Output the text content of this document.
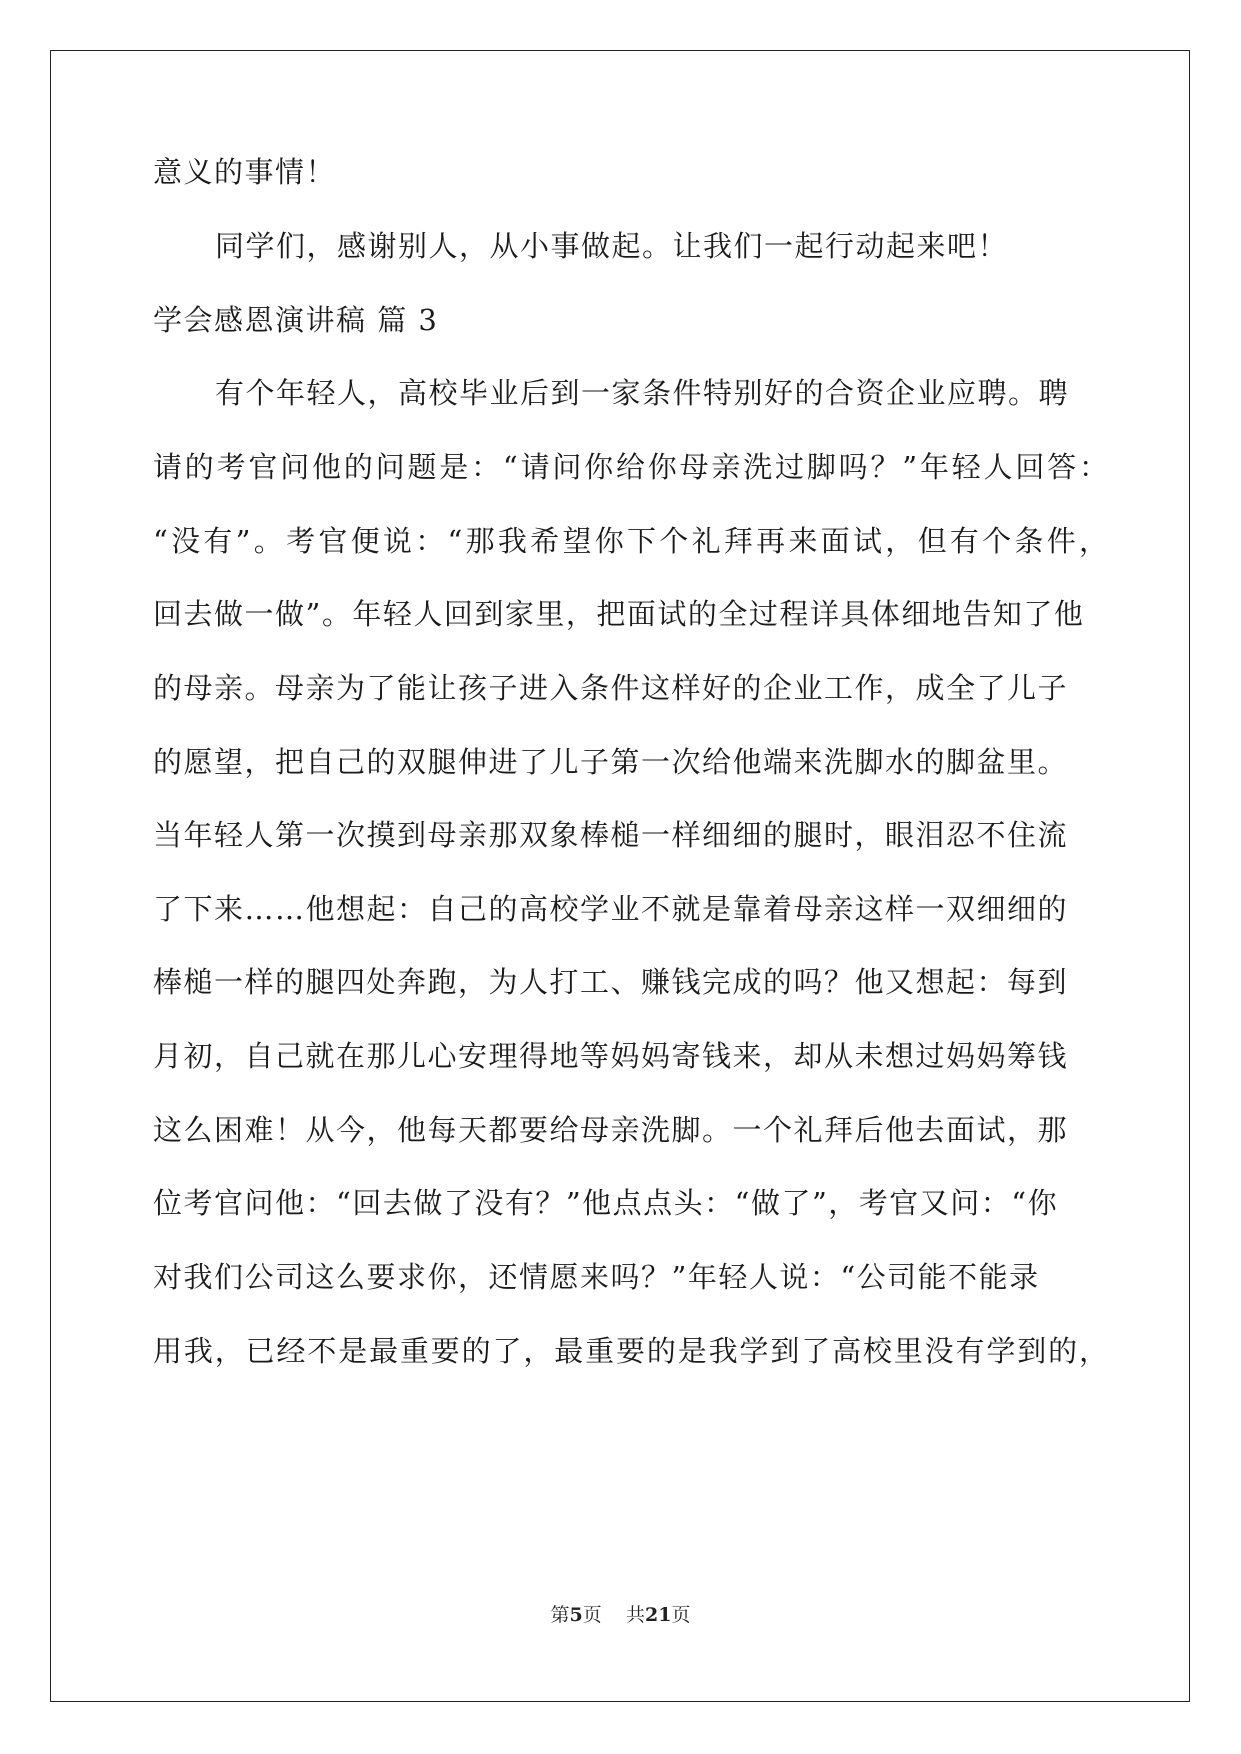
意义的事情！
同学们，感谢别人，从小事做起。让我们一起行动起来吧！
学会感恩演讲稿 篇 3
有个年轻人，高校毕业后到一家条件特别好的合资企业应聘。聘
请的考官问他的问题是：“请问你给你母亲洗过脚吗？”年轻人回答：
“没有”。考官便说：“那我希望你下个礼拜再来面试，但有个条件，
回去做一做”。年轻人回到家里，把面试的全过程详具体细地告知了他
的母亲。母亲为了能让孩子进入条件这样好的企业工作，成全了儿子
的愿望，把自己的双腿伸进了儿子第一次给他端来洗脚水的脚盆里。
当年轻人第一次摸到母亲那双象棒槌一样细细的腿时，眼泪忍不住流
了下来……他想起：自己的高校学业不就是靠着母亲这样一双细细的
棒槌一样的腿四处奔跑，为人打工、赚钱完成的吗？他又想起：每到
月初，自己就在那儿心安理得地等妈妈寄钱来，却从未想过妈妈筹钱
这么困难！从今，他每天都要给母亲洗脚。一个礼拜后他去面试，那
位考官问他：“回去做了没有？”他点点头：“做了”，考官又问：“你
对我们公司这么要求你，还情愿来吗？”年轻人说：“公司能不能录
用我，已经不是最重要的了，最重要的是我学到了高校里没有学到的，
第5页 共21页
